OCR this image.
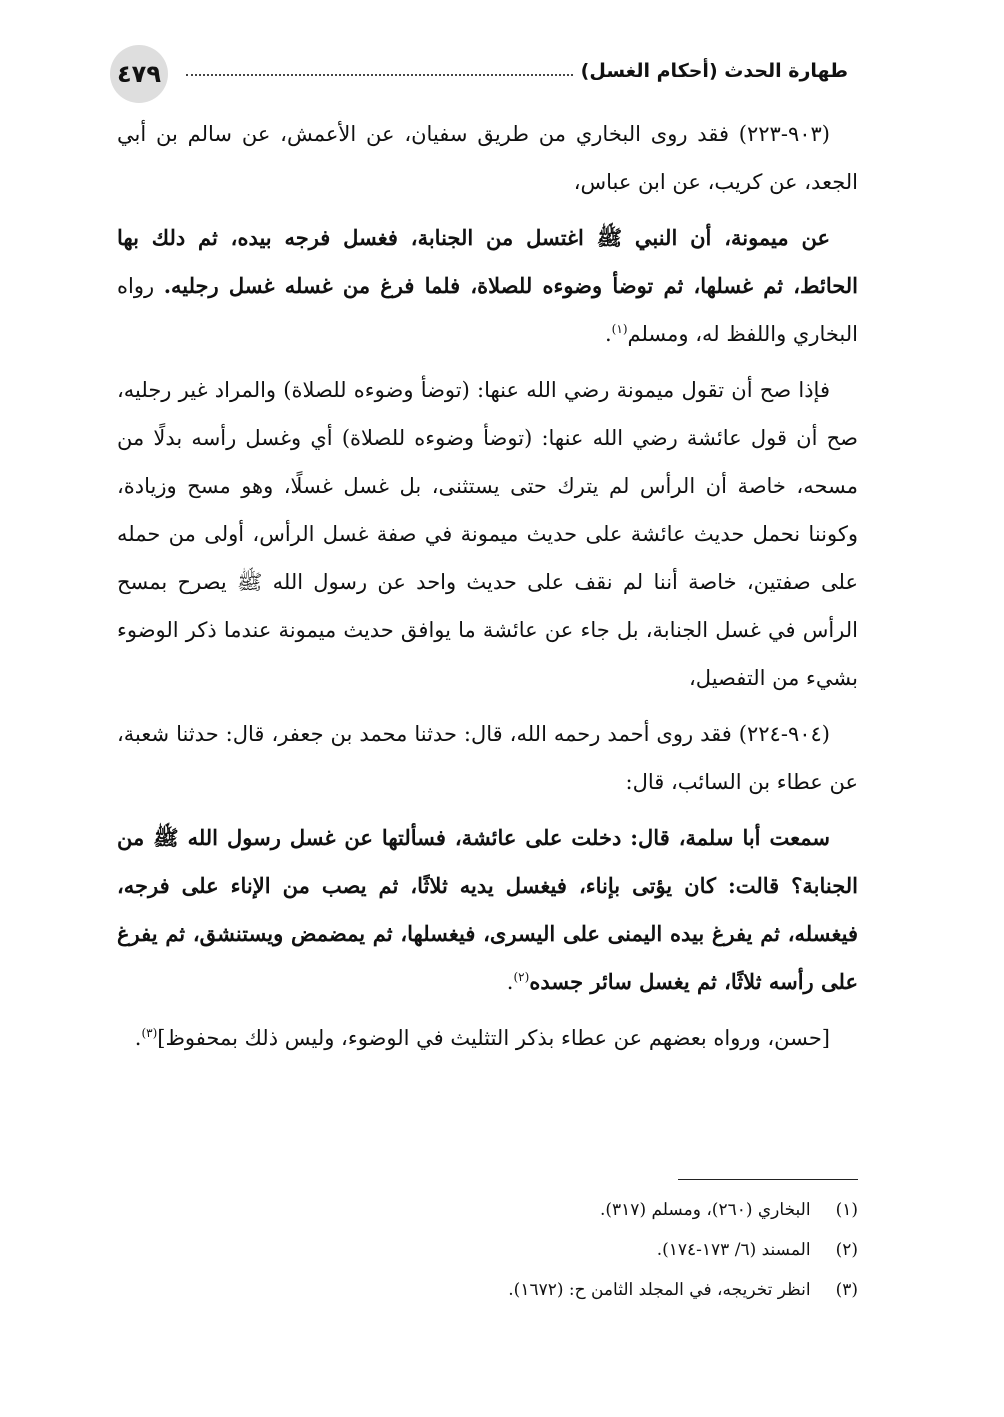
٤٧٩	طهارة الحدث (أحكام الغسل)

(٩٠٣-٢٢٣) فقد روى البخاري من طريق سفيان، عن الأعمش، عن سالم بن أبي الجعد، عن كريب، عن ابن عباس،

عن ميمونة، أن النبي ﷺ اغتسل من الجنابة، فغسل فرجه بيده، ثم دلك بها الحائط، ثم غسلها، ثم توضأ وضوءه للصلاة، فلما فرغ من غسله غسل رجليه. رواه البخاري واللفظ له، ومسلم$^{(١)}$.

فإذا صح أن تقول ميمونة رضي الله عنها: (توضأ وضوءه للصلاة) والمراد غير رجليه، صح أن قول عائشة رضي الله عنها: (توضأ وضوءه للصلاة) أي وغسل رأسه بدلًا من مسحه، خاصة أن الرأس لم يترك حتى يستثنى، بل غسل غسلًا، وهو مسح وزيادة، وكوننا نحمل حديث عائشة على حديث ميمونة في صفة غسل الرأس، أولى من حمله على صفتين، خاصة أننا لم نقف على حديث واحد عن رسول الله ﷺ يصرح بمسح الرأس في غسل الجنابة، بل جاء عن عائشة ما يوافق حديث ميمونة عندما ذكر الوضوء بشيء من التفصيل،

(٩٠٤-٢٢٤) فقد روى أحمد رحمه الله، قال: حدثنا محمد بن جعفر، قال: حدثنا شعبة، عن عطاء بن السائب، قال:

سمعت أبا سلمة، قال: دخلت على عائشة، فسألتها عن غسل رسول الله ﷺ من الجنابة؟ قالت: كان يؤتى بإناء، فيغسل يديه ثلاثًا، ثم يصب من الإناء على فرجه، فيغسله، ثم يفرغ بيده اليمنى على اليسرى، فيغسلها، ثم يمضمض ويستنشق، ثم يفرغ على رأسه ثلاثًا، ثم يغسل سائر جسده$^{(٢)}$.

[حسن، ورواه بعضهم عن عطاء بذكر التثليث في الوضوء، وليس ذلك بمحفوظ]$^{(٣)}$.

(١) البخاري (٢٦٠)، ومسلم (٣١٧).
(٢) المسند (٦/ ١٧٣-١٧٤).
(٣) انظر تخريجه، في المجلد الثامن ح: (١٦٧٢).
